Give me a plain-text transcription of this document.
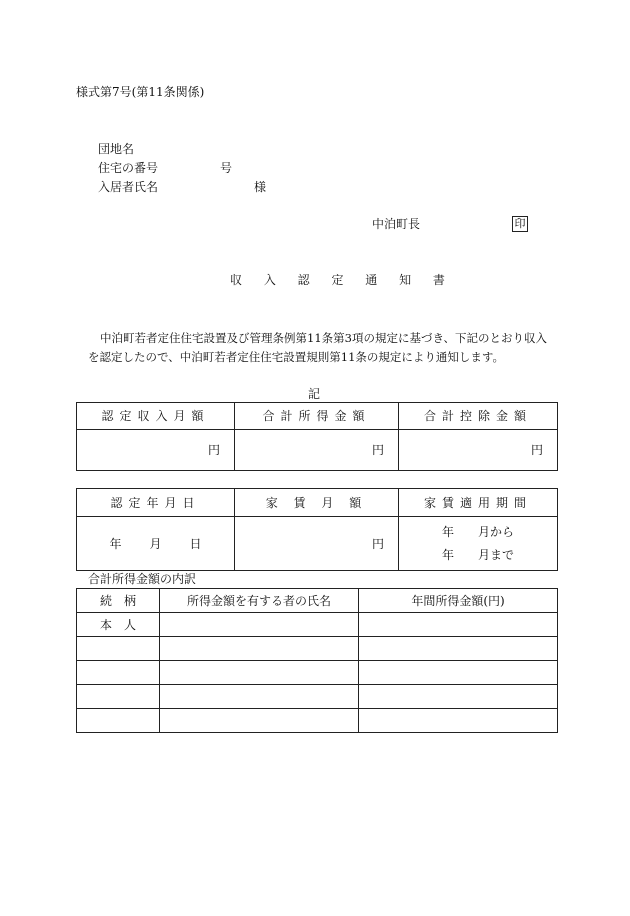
様式第7号(第11条関係)
団地名
住宅の番号	号
入居者氏名	様
中泊町長	印
収 入 認 定 通 知 書
中泊町若者定住住宅設置及び管理条例第11条第3項の規定に基づき、下記のとおり収入
を認定したので、中泊町若者定住住宅設置規則第11条の規定により通知します。
記
認定収入月額	合計所得金額	合計控除金額
円	円	円
認定年月日	家 賃 月 額	家賃適用期間
年 月 日	円	年　　月から
年　　月まで
合計所得金額の内訳
続　柄	所得金額を有する者の氏名	年間所得金額(円)
本　人		
